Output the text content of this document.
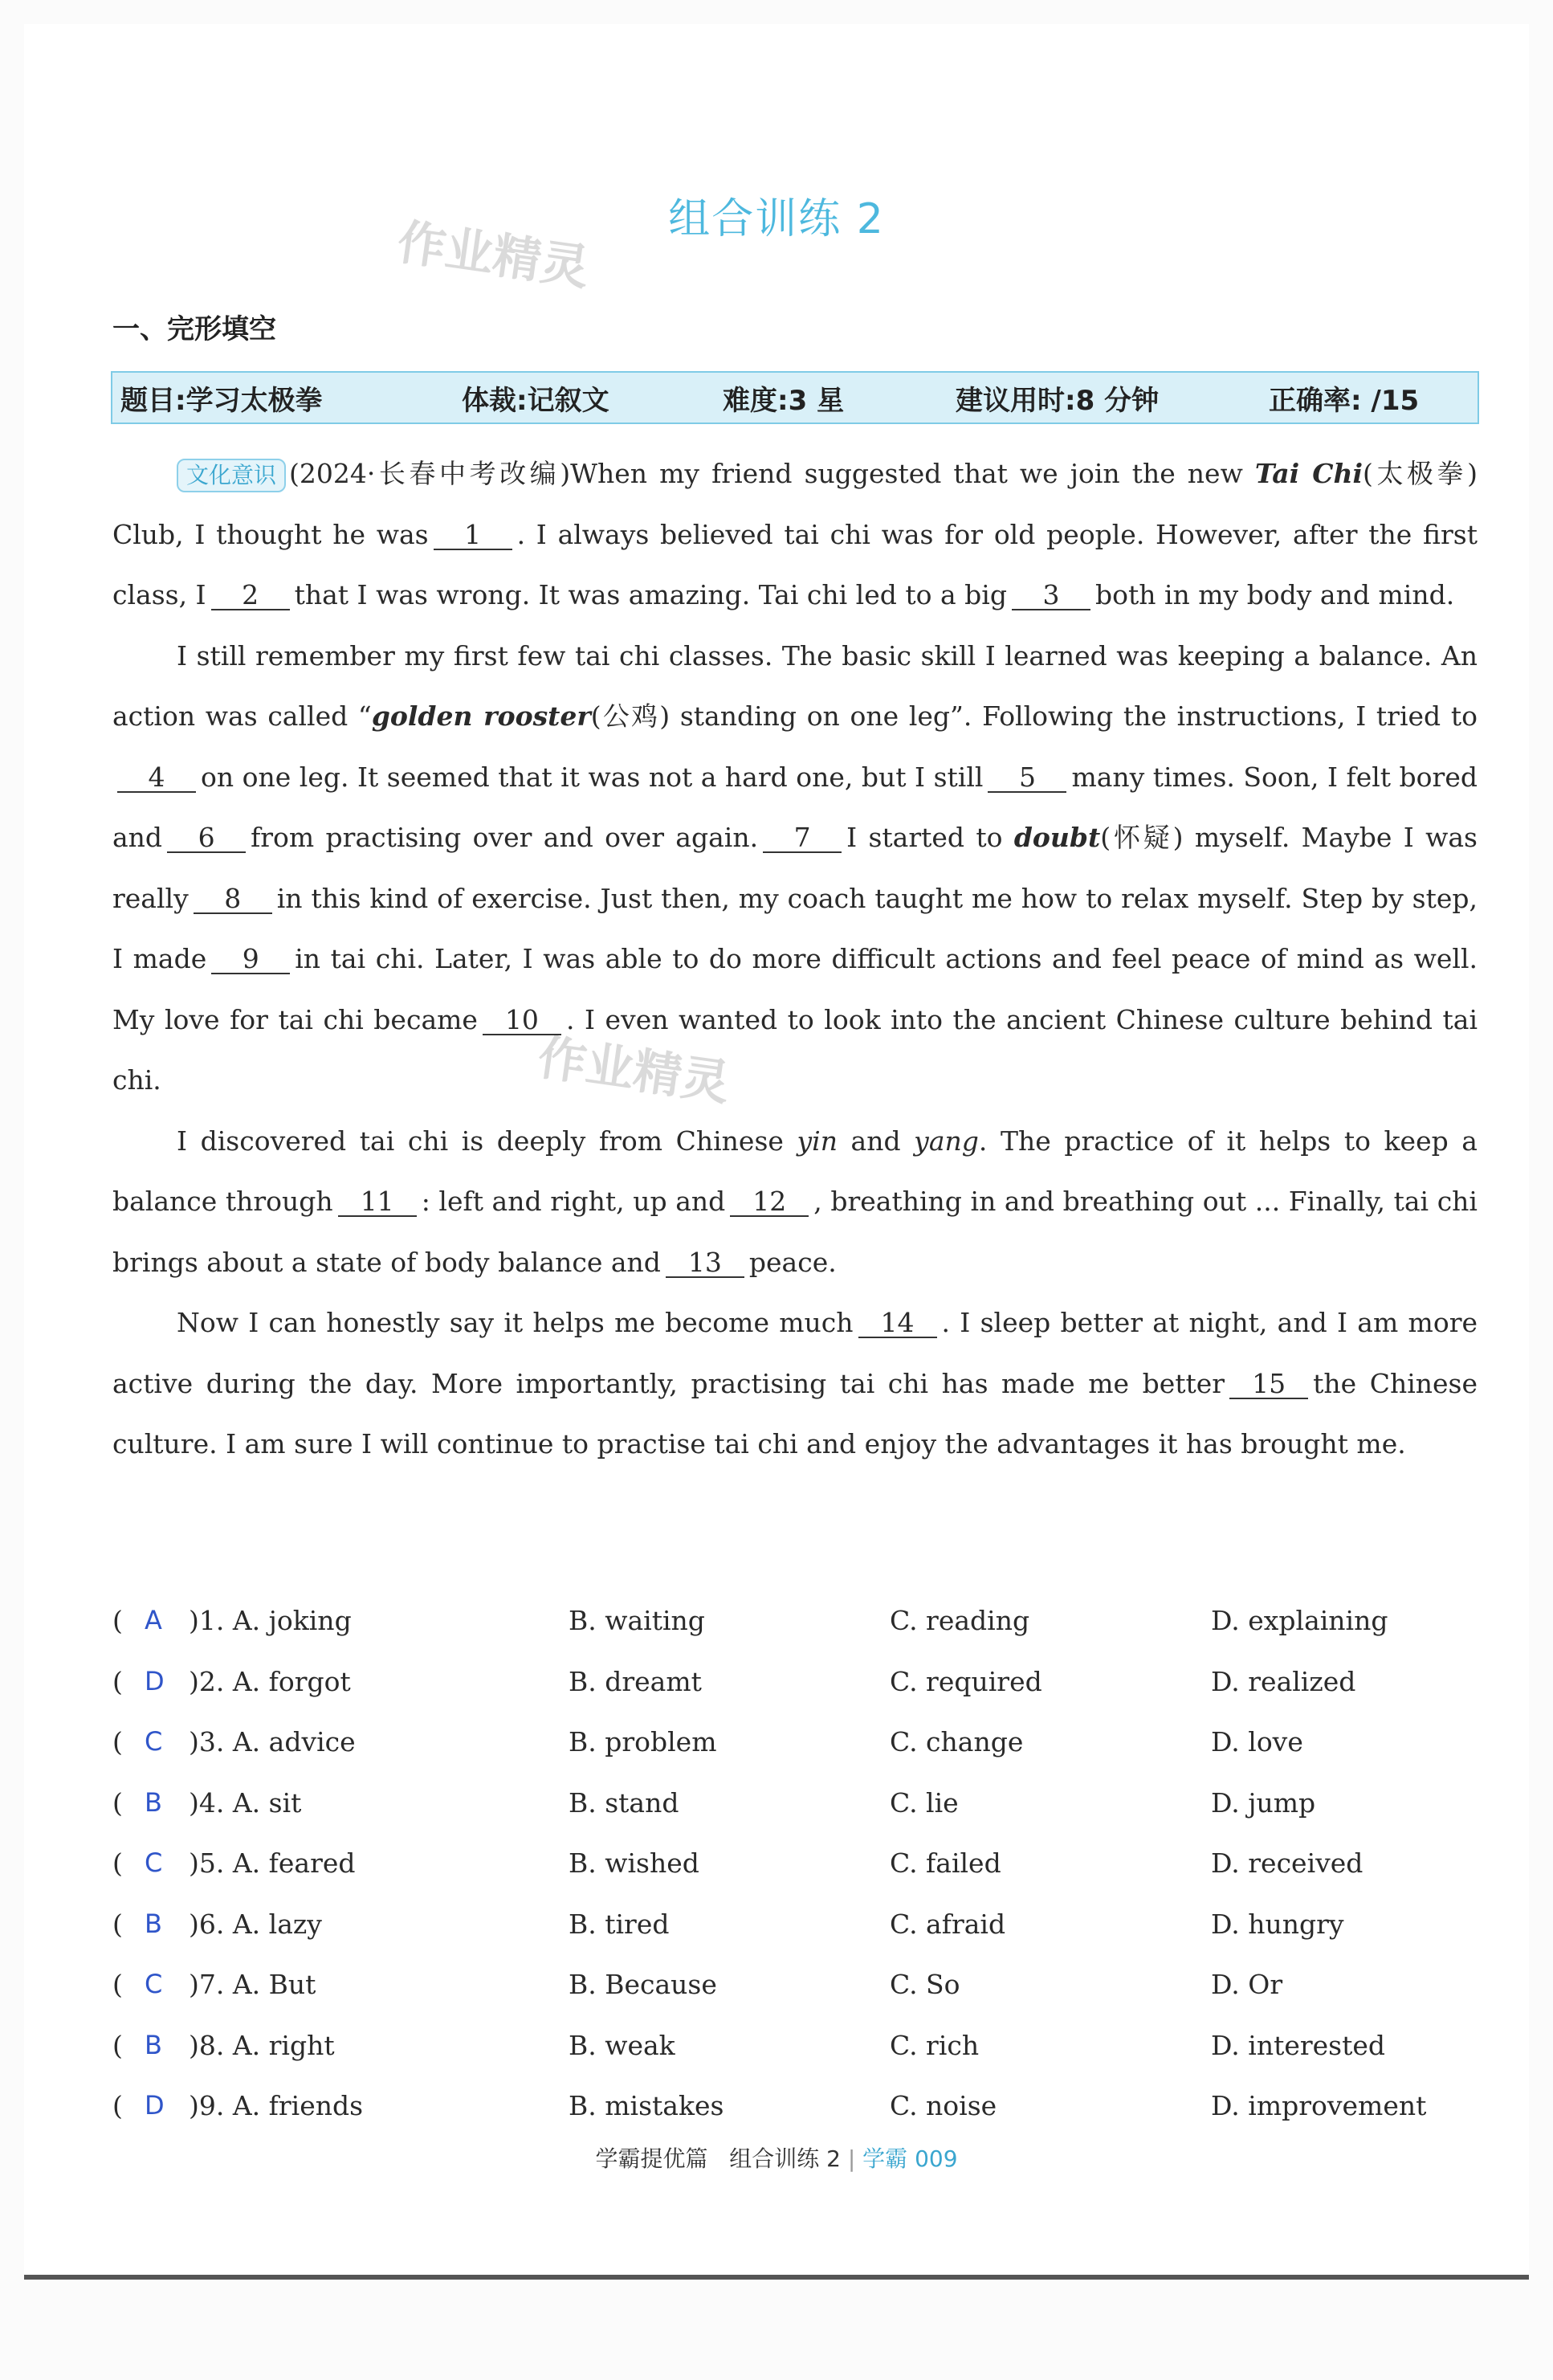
组合训练 2
作业精灵
作业精灵
一、完形填空
题目:学习太极拳	体裁:记叙文	难度:3 星	建议用时:8 分钟	正确率: /15

文化意识 (2024·长春中考改编)When my friend suggested that we join the new Tai Chi(太极拳) Club, I thought he was 1 . I always believed tai chi was for old people. However, after the first class, I 2 that I was wrong. It was amazing. Tai chi led to a big 3 both in my body and mind.

I still remember my first few tai chi classes. The basic skill I learned was keeping a balance. An action was called “golden rooster(公鸡) standing on one leg”. Following the instructions, I tried to4 on one leg. It seemed that it was not a hard one, but I still 5 many times. Soon, I felt bored and 6 from practising over and over again. 7 I started to doubt(怀疑) myself. Maybe I was really 8 in this kind of exercise. Just then, my coach taught me how to relax myself. Step by step, I made 9 in tai chi. Later, I was able to do more difficult actions and feel peace of mind as well. My love for tai chi became 10 . I even wanted to look into the ancient Chinese culture behind tai chi.

I discovered tai chi is deeply from Chinese yin and yang. The practice of it helps to keep a balance through 11 : left and right, up and 12 , breathing in and breathing out ... Finally, tai chi brings about a state of body balance and 13 peace.

Now I can honestly say it helps me become much 14 . I sleep better at night, and I am more active during the day. More importantly, practising tai chi has made me better 15 the Chinese culture. I am sure I will continue to practise tai chi and enjoy the advantages it has brought me.

( A )1. A. joking	B. waiting	C. reading	D. explaining
( D )2. A. forgot	B. dreamt	C. required	D. realized
( C )3. A. advice	B. problem	C. change	D. love
( B )4. A. sit	B. stand	C. lie	D. jump
( C )5. A. feared	B. wished	C. failed	D. received
( B )6. A. lazy	B. tired	C. afraid	D. hungry
( C )7. A. But	B. Because	C. So	D. Or
( B )8. A. right	B. weak	C. rich	D. interested
( D )9. A. friends	B. mistakes	C. noise	D. improvement
学霸提优篇 组合训练 2 | 学霸 009
